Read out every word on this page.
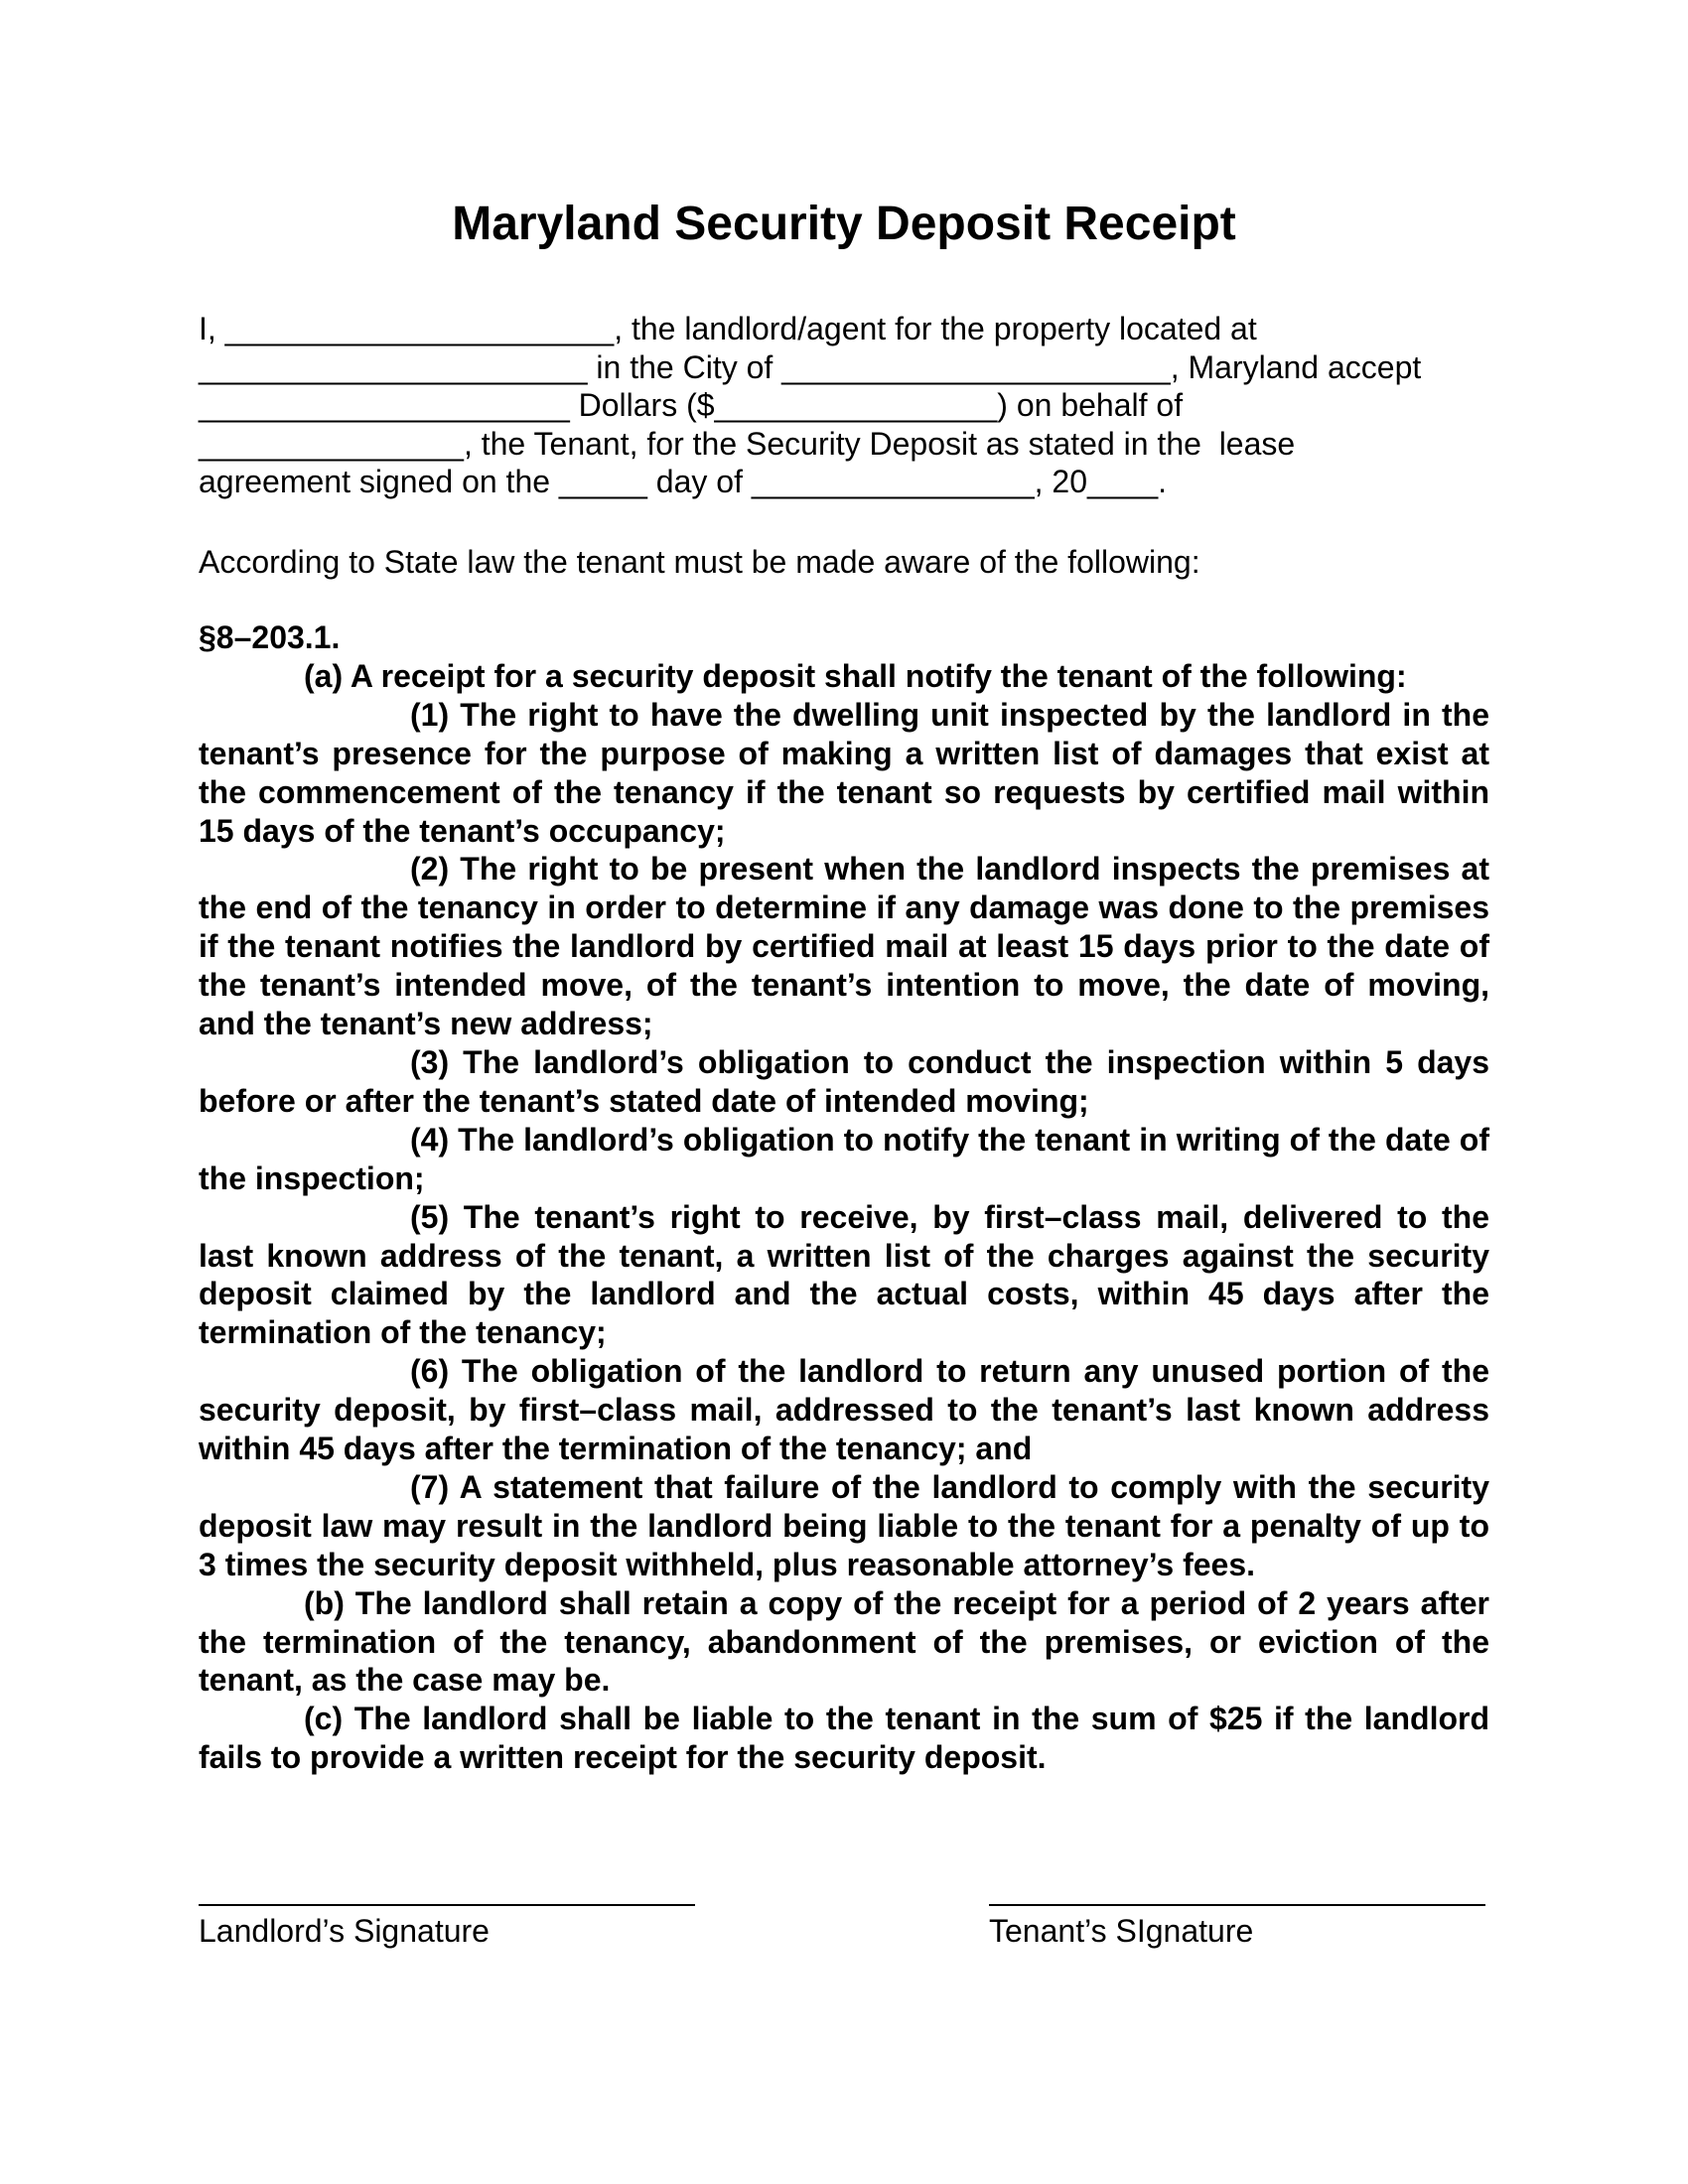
Maryland Security Deposit Receipt
I, ______________________, the landlord/agent for the property located at
______________________ in the City of ______________________, Maryland accept
_____________________ Dollars ($________________) on behalf of
_______________, the Tenant, for the Security Deposit as stated in the  lease
agreement signed on the _____ day of ________________, 20____.

According to State law the tenant must be made aware of the following:

§8–203.1.

(a) A receipt for a security deposit shall notify the tenant of the following:

(1) The right to have the dwelling unit inspected by the landlord in the tenant’s presence for the purpose of making a written list of damages that exist at the commencement of the tenancy if the tenant so requests by certified mail within 15 days of the tenant’s occupancy;

(2) The right to be present when the landlord inspects the premises at the end of the tenancy in order to determine if any damage was done to the premises if the tenant notifies the landlord by certified mail at least 15 days prior to the date of the tenant’s intended move, of the tenant’s intention to move, the date of moving, and the tenant’s new address;

(3) The landlord’s obligation to conduct the inspection within 5 days before or after the tenant’s stated date of intended moving;

(4) The landlord’s obligation to notify the tenant in writing of the date of the inspection;

(5) The tenant’s right to receive, by first–class mail, delivered to the last known address of the tenant, a written list of the charges against the security deposit claimed by the landlord and the actual costs, within 45 days after the termination of the tenancy;

(6) The obligation of the landlord to return any unused portion of the security deposit, by first–class mail, addressed to the tenant’s last known address within 45 days after the termination of the tenancy; and

(7) A statement that failure of the landlord to comply with the security deposit law may result in the landlord being liable to the tenant for a penalty of up to 3 times the security deposit withheld, plus reasonable attorney’s fees.

(b) The landlord shall retain a copy of the receipt for a period of 2 years after the termination of the tenancy, abandonment of the premises, or eviction of the tenant, as the case may be.

(c) The landlord shall be liable to the tenant in the sum of $25 if the landlord fails to provide a written receipt for the security deposit.

Landlord’s Signature	Tenant’s SIgnature
